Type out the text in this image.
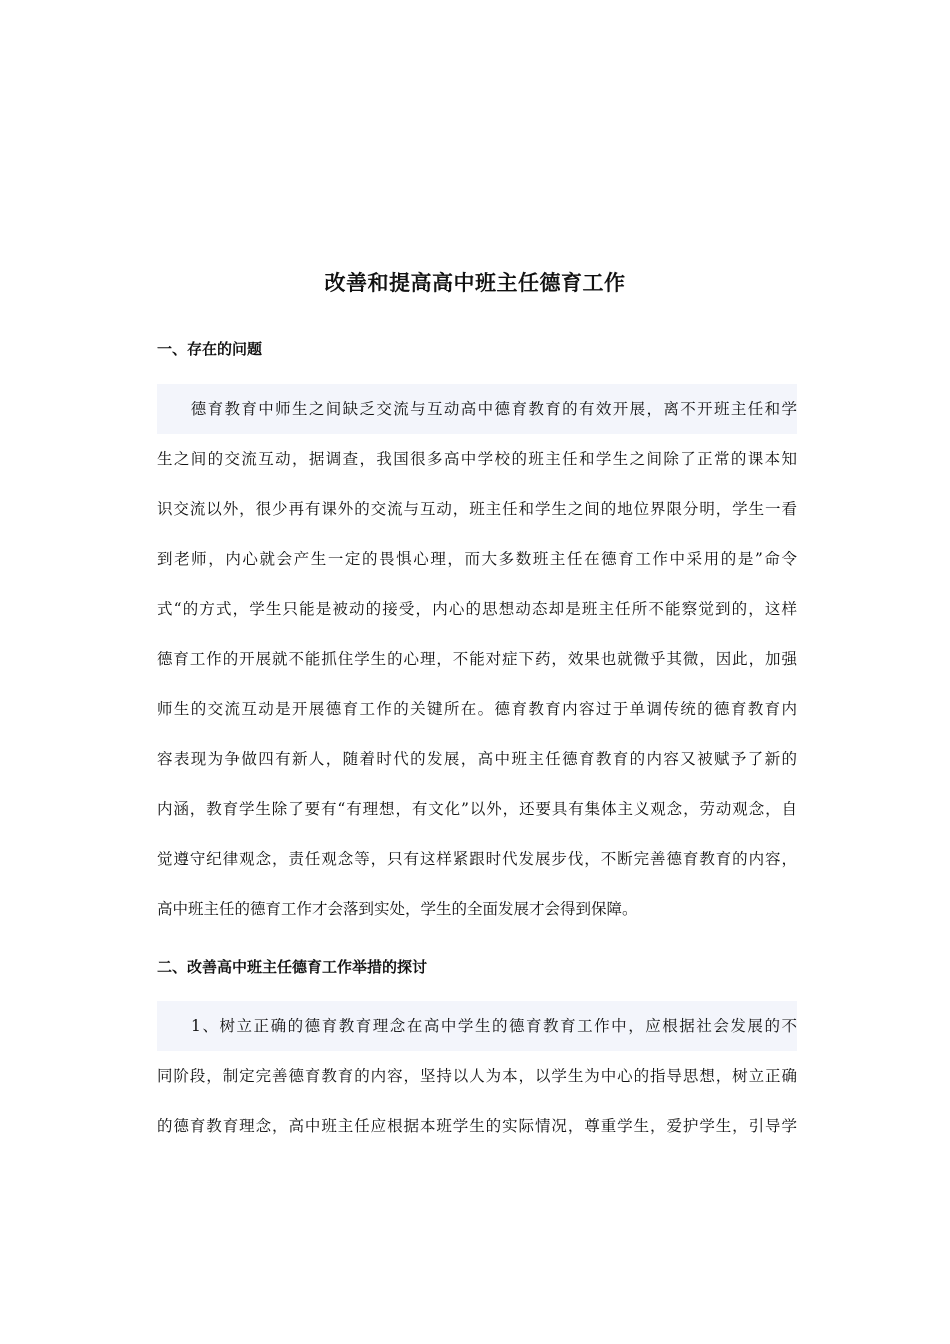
改善和提高高中班主任德育工作
一、存在的问题
　　德育教育中师生之间缺乏交流与互动高中德育教育的有效开展，离不开班主任和学
生之间的交流互动，据调查，我国很多高中学校的班主任和学生之间除了正常的课本知
识交流以外，很少再有课外的交流与互动，班主任和学生之间的地位界限分明，学生一看
到老师，内心就会产生一定的畏惧心理，而大多数班主任在德育工作中采用的是”命令
式“的方式，学生只能是被动的接受，内心的思想动态却是班主任所不能察觉到的，这样
德育工作的开展就不能抓住学生的心理，不能对症下药，效果也就微乎其微，因此，加强
师生的交流互动是开展德育工作的关键所在。德育教育内容过于单调传统的德育教育内
容表现为争做四有新人，随着时代的发展，高中班主任德育教育的内容又被赋予了新的
内涵，教育学生除了要有“有理想，有文化”以外，还要具有集体主义观念，劳动观念，自
觉遵守纪律观念，责任观念等，只有这样紧跟时代发展步伐，不断完善德育教育的内容，
高中班主任的德育工作才会落到实处，学生的全面发展才会得到保障。
二、改善高中班主任德育工作举措的探讨
　　1、树立正确的德育教育理念在高中学生的德育教育工作中，应根据社会发展的不
同阶段，制定完善德育教育的内容，坚持以人为本，以学生为中心的指导思想，树立正确
的德育教育理念，高中班主任应根据本班学生的实际情况，尊重学生，爱护学生，引导学
